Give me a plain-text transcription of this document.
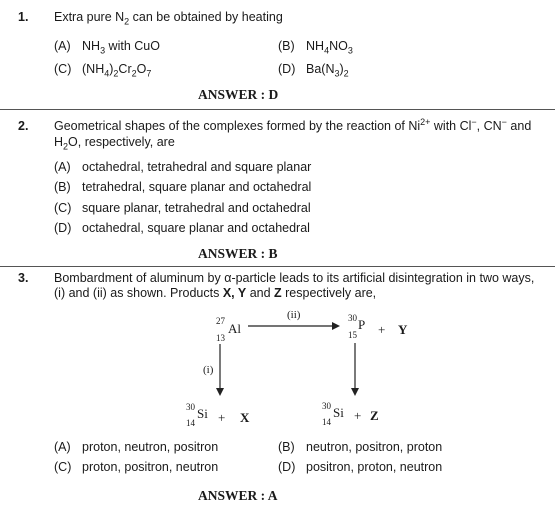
1. Extra pure $N_2$ can be obtained by heating
(A) $NH_3$ with CuO	(B) $NH_4NO_3$
(C) $(NH_4)_2Cr_2O_7$	(D) $Ba(N_3)_2$
ANSWER : D
2. Geometrical shapes of the complexes formed by the reaction of $Ni^{2+}$ with Cl−, CN− and
$H_2O$, respectively, are
(A) octahedral, tetrahedral and square planar
(B) tetrahedral, square planar and octahedral
(C) square planar, tetrahedral and octahedral
(D) octahedral, square planar and octahedral
ANSWER : B
3. Bombardment of aluminum by α-particle leads to its artificial disintegration in two ways,
(i) and (ii) as shown. Products X, Y and Z respectively are,
27
13
Al
(ii)	30
15
P + Y
(i)
30
14
Si + X
30
14
Si + Z
(A) proton, neutron, positron	(B) neutron, positron, proton
(C) proton, positron, neutron	(D) positron, proton, neutron
ANSWER : A
